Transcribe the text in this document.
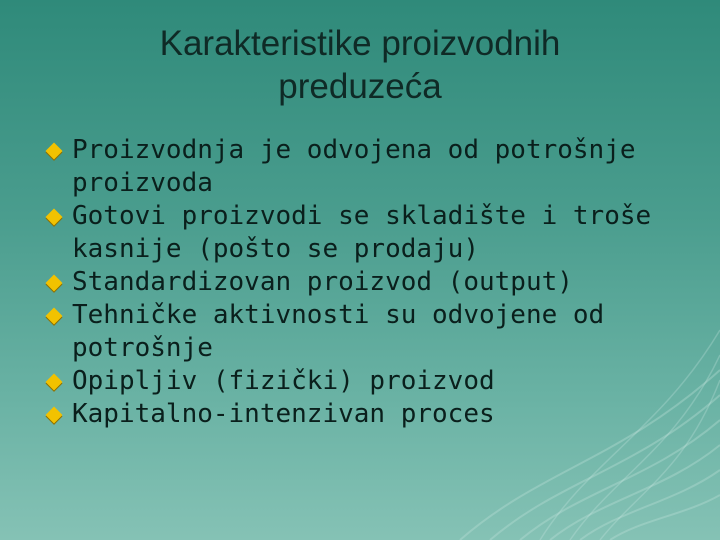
Karakteristike proizvodnih
preduzeća
Proizvodnja je odvojena od potrošnje proizvoda
Gotovi proizvodi se skladište i troše kasnije (pošto se prodaju)
Standardizovan proizvod (output)
Tehničke aktivnosti su odvojene od potrošnje
Opipljiv (fizički) proizvod
Kapitalno-intenzivan proces
